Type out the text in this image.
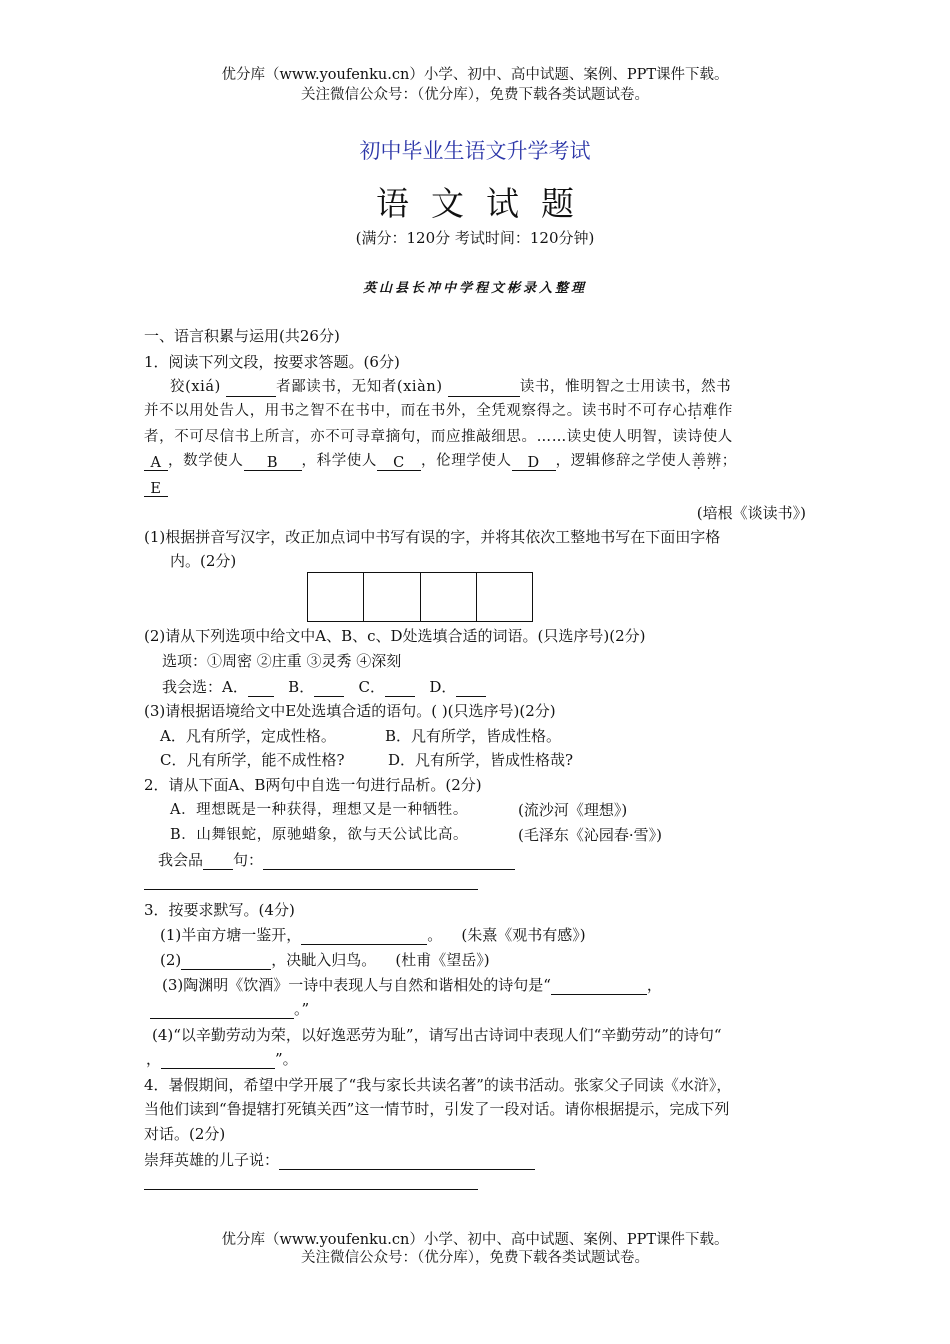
优分库（www.youfenku.cn）小学、初中、高中试题、案例、PPT课件下载。
关注微信公众号：（优分库），免费下载各类试题试卷。
初中毕业生语文升学考试
语文试题
(满分：120分 考试时间：120分钟)
英山县长冲中学程文彬录入整理
一、语言积累与运用(共26分)
1．阅读下列文段，按要求答题。(6分)
狡(xiá)	者鄙读书，无知者(xiàn)	读书，惟明智之士用读书，然书
并不以用处告人，用书之智不在书中，而在书外，全凭观察得之。读书时不可存心拮难作
者，不可尽信书上所言，亦不可寻章摘句，而应推敲细思。……读史使人明智，读诗使人
A ，数学使人 B ，科学使人 C ，伦理学使人 D ，逻辑修辞之学使人善辨；
E
(培根《谈读书》)
(1)根据拼音写汉字，改正加点词中书写有误的字，并将其依次工整地书写在下面田字格
内。(2分)
(2)请从下列选项中给文中A、B、c、D处选填合适的词语。(只选序号)(2分)
选项：①周密 ②庄重 ③灵秀 ④深刻
我会选：A．	B．	C．	D．
(3)请根据语境给文中E处选填合适的语句。( )(只选序号)(2分)
A．凡有所学，定成性格。	B．凡有所学，皆成性格。
C．凡有所学，能不成性格?	D．凡有所学，皆成性格哉?
2．请从下面A、B两句中自选一句进行品析。(2分)
A．理想既是一种获得，理想又是一种牺牲。	(流沙河《理想》)
B．山舞银蛇，原驰蜡象，欲与天公试比高。	(毛泽东《沁园春·雪》)
我会品 句：
3．按要求默写。(4分)
(1)半亩方塘一鉴开，	。 (朱熹《观书有感》)
(2)	，决眦入归鸟。 (杜甫《望岳》)
(3)陶渊明《饮酒》一诗中表现人与自然和谐相处的诗句是“	，
。”
(4)“以辛勤劳动为荣，以好逸恶劳为耻”，请写出古诗词中表现人们“辛勤劳动”的诗句“
，	”。
4．暑假期间，希望中学开展了“我与家长共读名著”的读书活动。张家父子同读《水浒》，
当他们读到“鲁提辖打死镇关西”这一情节时，引发了一段对话。请你根据提示，完成下列
对话。(2分)
崇拜英雄的儿子说：
优分库（www.youfenku.cn）小学、初中、高中试题、案例、PPT课件下载。
关注微信公众号：（优分库），免费下载各类试题试卷。
